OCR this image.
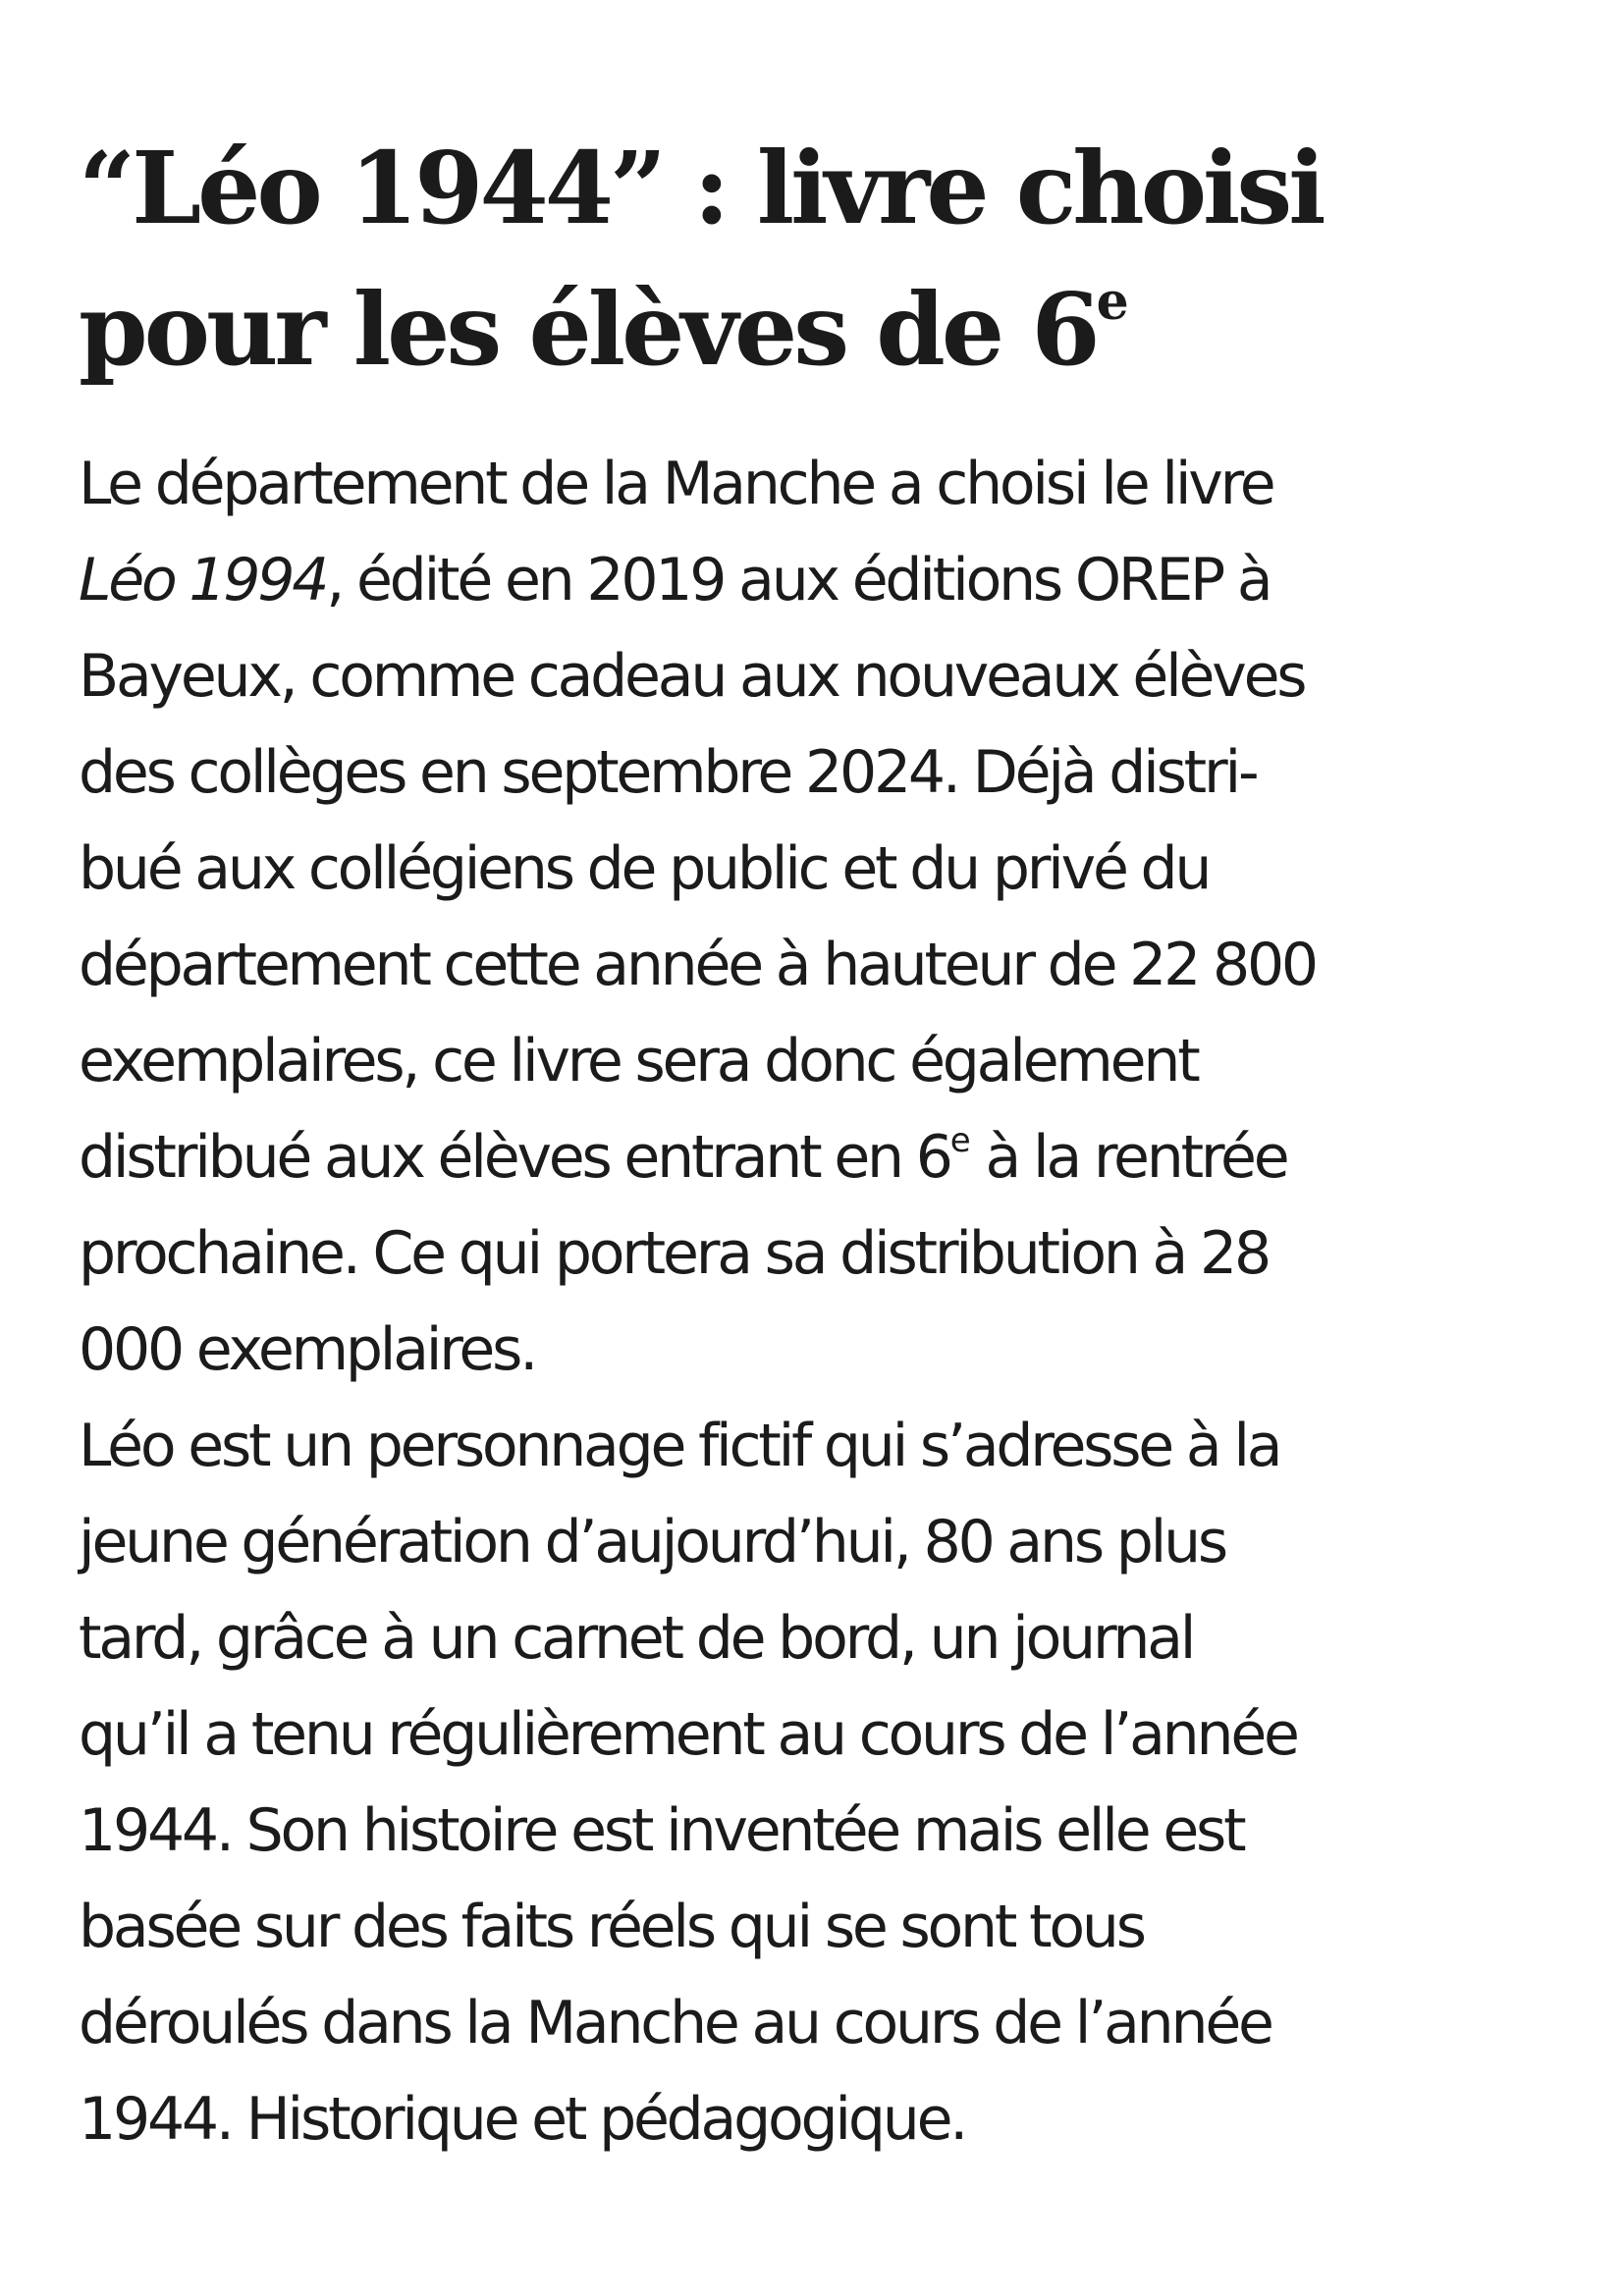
“Léo 1944” : livre choisi
pour les élèves de 6e

Le département de la Manche a choisi le livre
Léo 1994, édité en 2019 aux éditions OREP à
Bayeux, comme cadeau aux nouveaux élèves
des collèges en septembre 2024. Déjà distri-
bué aux collégiens de public et du privé du
département cette année à hauteur de 22 800
exemplaires, ce livre sera donc également
distribué aux élèves entrant en 6e à la rentrée
prochaine. Ce qui portera sa distribution à 28
000 exemplaires.

Léo est un personnage fictif qui s’adresse à la
jeune génération d’aujourd’hui, 80 ans plus
tard, grâce à un carnet de bord, un journal
qu’il a tenu régulièrement au cours de l’année
1944. Son histoire est inventée mais elle est
basée sur des faits réels qui se sont tous
déroulés dans la Manche au cours de l’année
1944. Historique et pédagogique.
